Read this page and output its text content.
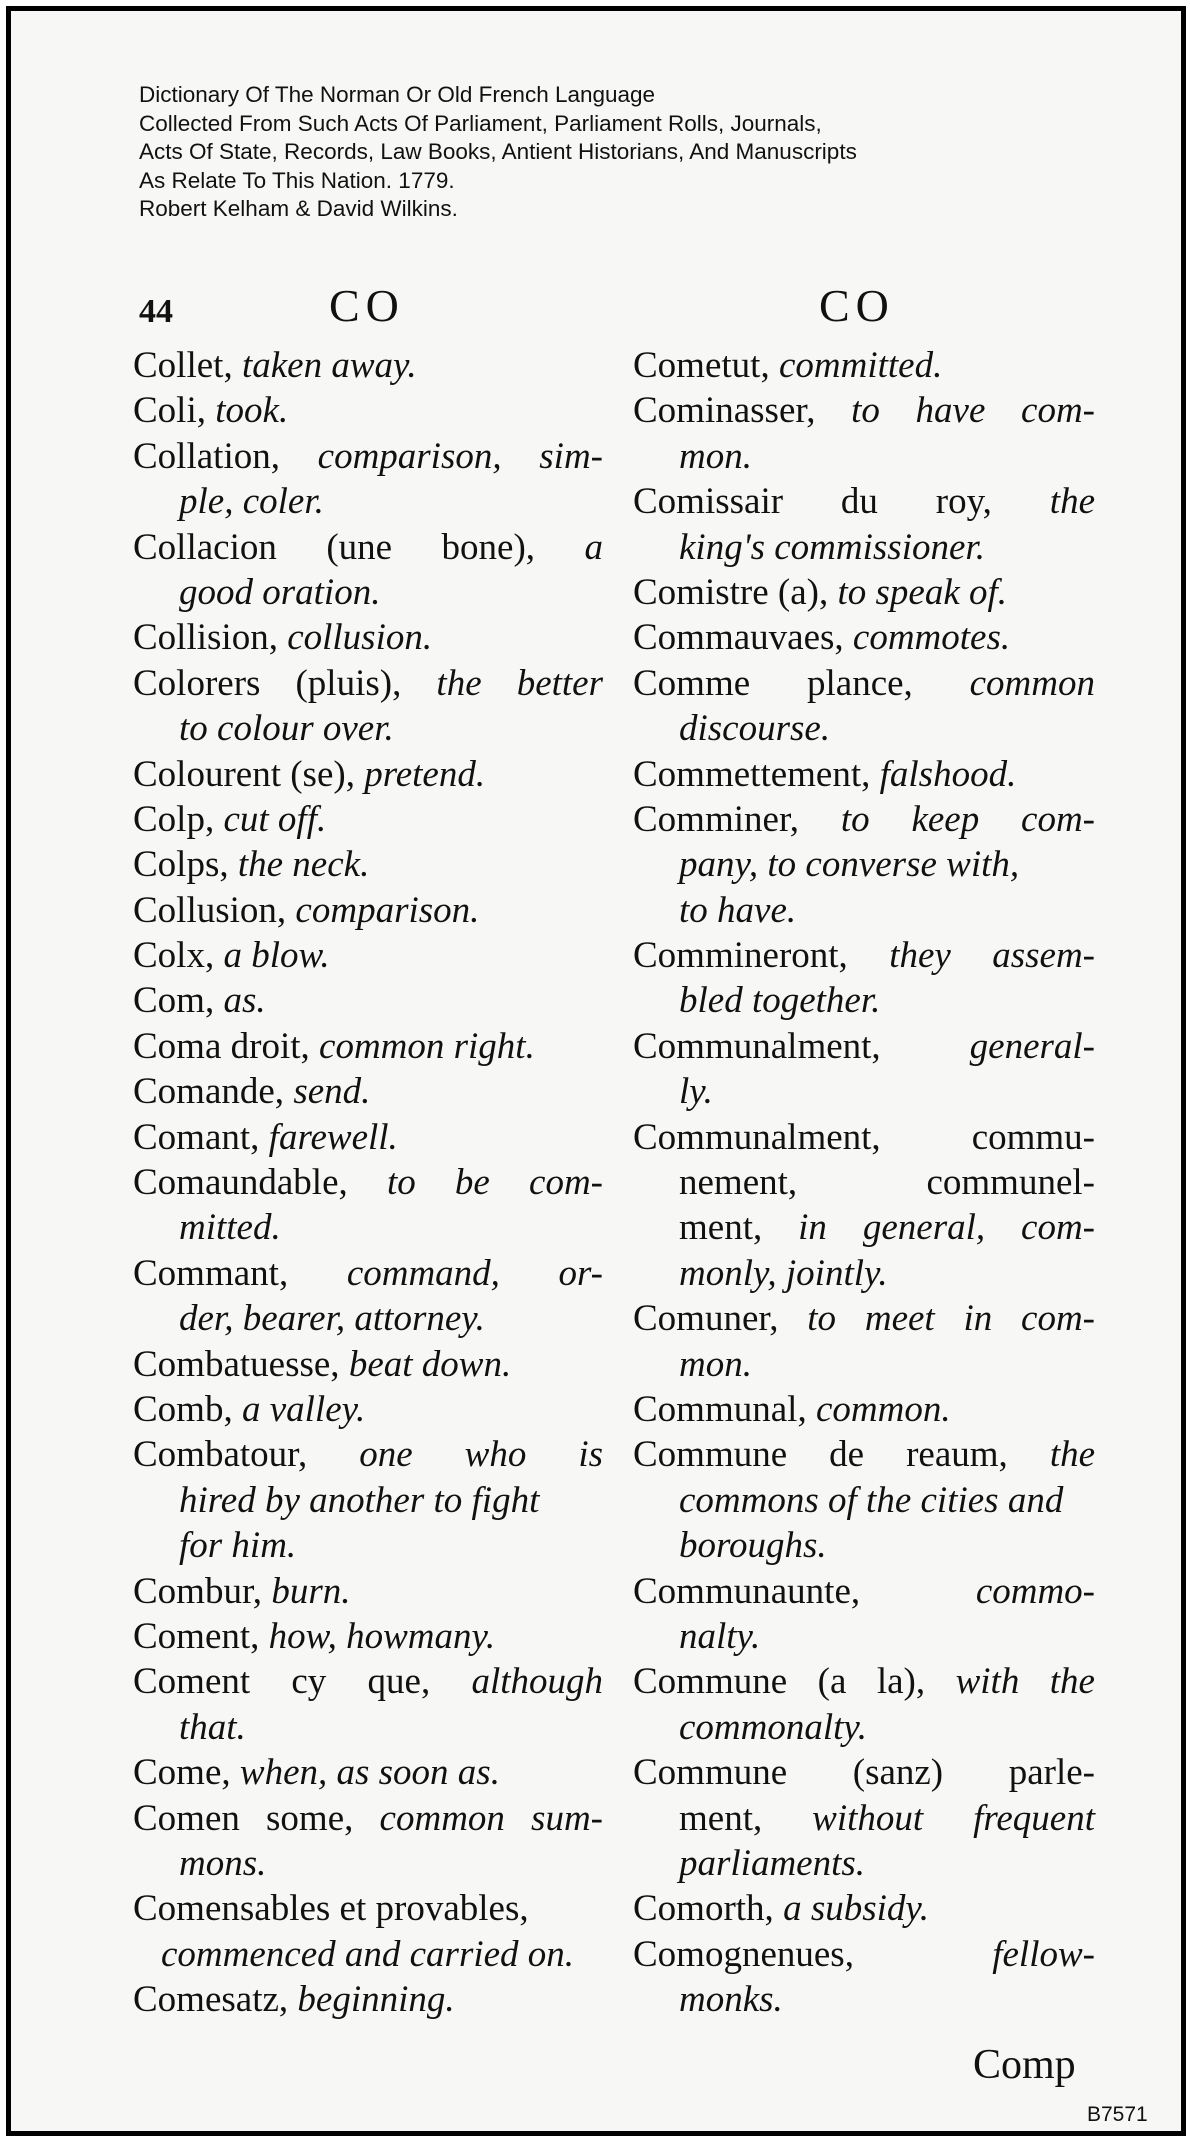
Dictionary Of The Norman Or Old French Language
Collected From Such Acts Of Parliament, Parliament Rolls, Journals,
Acts Of State, Records, Law Books, Antient Historians, And Manuscripts
As Relate To This Nation. 1779.
Robert Kelham & David Wilkins.
44	CO	CO
Collet, taken away.
Coli, took.
Collation, comparison, sim-
ple, coler.
Collacion (une bone), a
good oration.
Collision, collusion.
Colorers (pluis), the better
to colour over.
Colourent (se), pretend.
Colp, cut off.
Colps, the neck.
Collusion, comparison.
Colx, a blow.
Com, as.
Coma droit, common right.
Comande, send.
Comant, farewell.
Comaundable, to be com-
mitted.
Commant, command, or-
der, bearer, attorney.
Combatuesse, beat down.
Comb, a valley.
Combatour, one who is
hired by another to fight
for him.
Combur, burn.
Coment, how, howmany.
Coment cy que, although
that.
Come, when, as soon as.
Comen some, common sum-
mons.
Comensables et provables,
commenced and carried on.
Comesatz, beginning.
Cometut, committed.
Cominasser, to have com-
mon.
Comissair du roy, the
king's commissioner.
Comistre (a), to speak of.
Commauvaes, commotes.
Comme plance, common
discourse.
Commettement, falshood.
Comminer, to keep com-
pany, to converse with,
to have.
Commineront, they assem-
bled together.
Communalment, general-
ly.
Communalment, commu-
nement,	communel-
ment, in general, com-
monly, jointly.
Comuner, to meet in com-
mon.
Communal, common.
Commune de reaum, the
commons of the cities and
boroughs.
Communaunte,	commo-
nalty.
Commune (a la), with the
commonalty.
Commune (sanz) parle-
ment, without frequent
parliaments.
Comorth, a subsidy.
Comognenues,	fellow-
monks.
Comp
B7571
